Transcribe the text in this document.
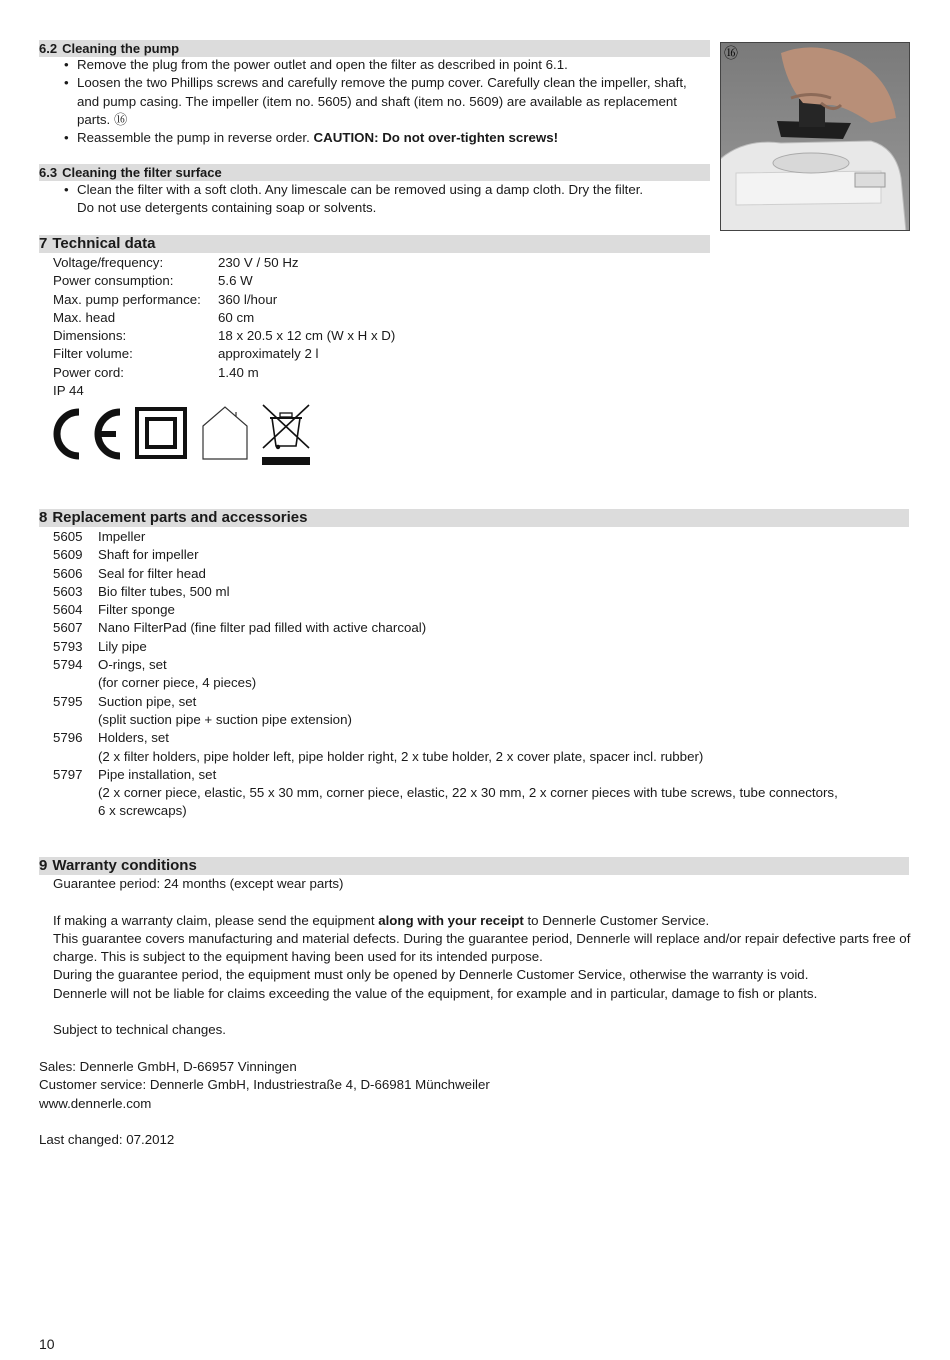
6.2 Cleaning the pump
• Remove the plug from the power outlet and open the filter as described in point 6.1.
• Loosen the two Phillips screws and carefully remove the pump cover. Carefully clean the impeller, shaft, and pump casing. The impeller (item no. 5605) and shaft (item no. 5609) are available as replacement parts. ⑯
• Reassemble the pump in reverse order. CAUTION: Do not over-tighten screws!
6.3 Cleaning the filter surface
• Clean the filter with a soft cloth. Any limescale can be removed using a damp cloth. Dry the filter.
Do not use detergents containing soap or solvents.
⑯
7 Technical data
Voltage/frequency:	230 V / 50 Hz
Power consumption:	5.6 W
Max. pump performance:	360 l/hour
Max. head	60 cm
Dimensions:	18 x 20.5 x 12 cm (W x H x D)
Filter volume:	approximately 2 l
Power cord:	1.40 m
IP 44
8 Replacement parts and accessories
5605	Impeller
5609	Shaft for impeller
5606	Seal for filter head
5603	Bio filter tubes, 500 ml
5604	Filter sponge
5607	Nano FilterPad (fine filter pad filled with active charcoal)
5793	Lily pipe
5794	O-rings, set
(for corner piece, 4 pieces)
5795	Suction pipe, set
(split suction pipe + suction pipe extension)
5796	Holders, set
(2 x filter holders, pipe holder left, pipe holder right, 2 x tube holder, 2 x cover plate, spacer incl. rubber)
5797	Pipe installation, set
(2 x corner piece, elastic, 55 x 30 mm, corner piece, elastic, 22 x 30 mm, 2 x corner pieces with tube screws, tube connectors,
6 x screwcaps)
9 Warranty conditions

Guarantee period: 24 months (except wear parts)

If making a warranty claim, please send the equipment along with your receipt to Dennerle Customer Service.

This guarantee covers manufacturing and material defects. During the guarantee period, Dennerle will replace and/or repair defective parts free of charge. This is subject to the equipment having been used for its intended purpose.

During the guarantee period, the equipment must only be opened by Dennerle Customer Service, otherwise the warranty is void.

Dennerle will not be liable for claims exceeding the value of the equipment, for example and in particular, damage to fish or plants.

Subject to technical changes.

Sales: Dennerle GmbH, D-66957 Vinningen

Customer service: Dennerle GmbH, Industriestraße 4, D-66981 Münchweiler

www.dennerle.com

Last changed: 07.2012

10
